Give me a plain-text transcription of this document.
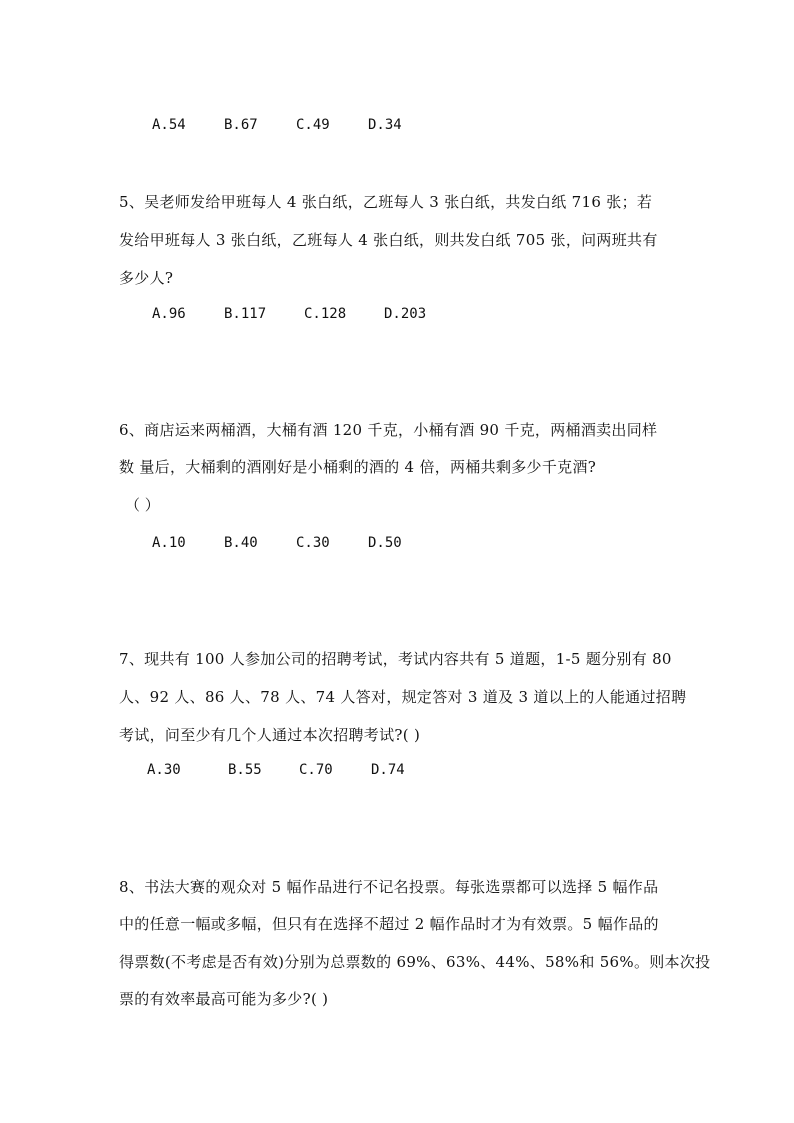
A.54	B.67	C.49	D.34
5、吴老师发给甲班每人 4 张白纸，乙班每人 3 张白纸，共发白纸 716 张；若
发给甲班每人 3 张白纸，乙班每人 4 张白纸，则共发白纸 705 张，问两班共有
多少人?
A.96	B.117	C.128	D.203
6、商店运来两桶酒，大桶有酒 120 千克，小桶有酒 90 千克，两桶酒卖出同样
数 量后，大桶剩的酒刚好是小桶剩的酒的 4 倍，两桶共剩多少千克酒?
（ ）
A.10	B.40	C.30	D.50
7、现共有 100 人参加公司的招聘考试，考试内容共有 5 道题，1-5 题分别有 80
人、92 人、86 人、78 人、74 人答对，规定答对 3 道及 3 道以上的人能通过招聘
考试，问至少有几个人通过本次招聘考试?( )
A.30	B.55	C.70	D.74
8、书法大赛的观众对 5 幅作品进行不记名投票。每张选票都可以选择 5 幅作品
中的任意一幅或多幅，但只有在选择不超过 2 幅作品时才为有效票。5 幅作品的
得票数(不考虑是否有效)分别为总票数的 69%、63%、44%、58%和 56%。则本次投
票的有效率最高可能为多少?( )
